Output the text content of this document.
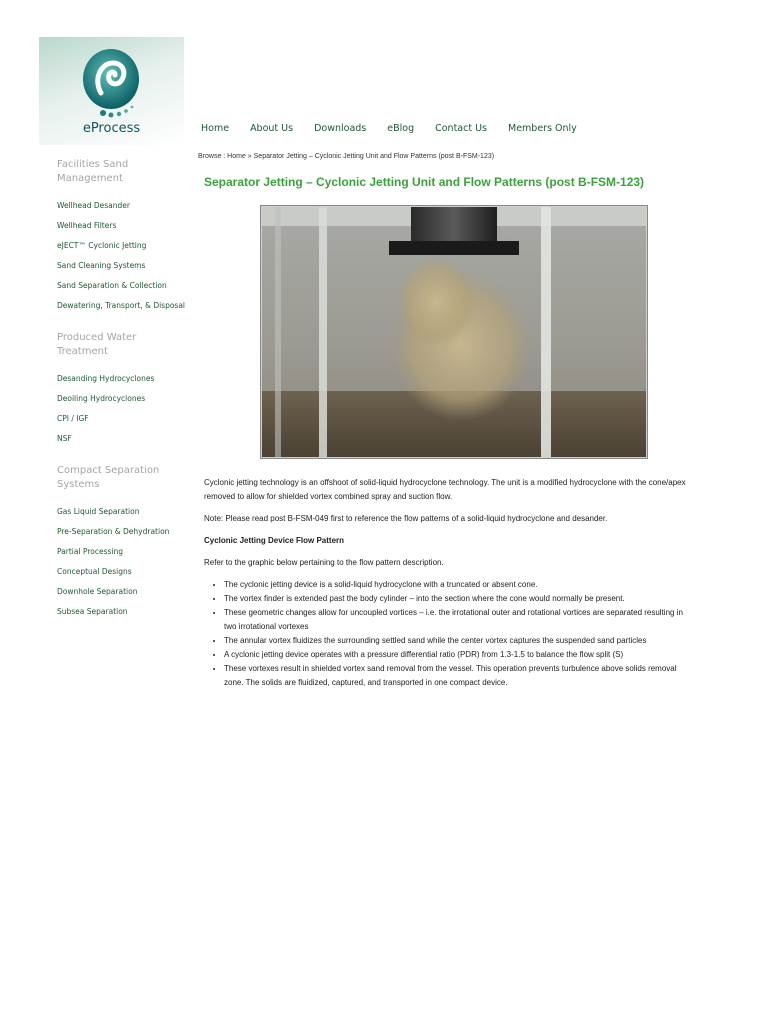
eProcess	Home About Us Downloads eBlog Contact Us Members Only
Facilities Sand Management
Wellhead Desander
Wellhead Filters
eJECT™ Cyclonic Jetting
Sand Cleaning Systems
Sand Separation & Collection
Dewatering, Transport, & Disposal
Produced Water Treatment
Desanding Hydrocyclones
Deoiling Hydrocyclones
CPI / IGF
NSF
Compact Separation Systems
Gas Liquid Separation
Pre-Separation & Dehydration
Partial Processing
Conceptual Designs
Downhole Separation
Subsea Separation
Browse : Home » Separator Jetting – Cyclonic Jetting Unit and Flow Patterns (post B-FSM-123)
Separator Jetting – Cyclonic Jetting Unit and Flow Patterns (post B-FSM-123)

Cyclonic jetting technology is an offshoot of solid-liquid hydrocyclone technology. The unit is a modified hydrocyclone with the cone/apex removed to allow for shielded vortex combined spray and suction flow.

Note: Please read post B-FSM-049 first to reference the flow patterns of a solid-liquid hydrocyclone and desander.

Cyclonic Jetting Device Flow Pattern

Refer to the graphic below pertaining to the flow pattern description.

• The cyclonic jetting device is a solid-liquid hydrocyclone with a truncated or absent cone.
• The vortex finder is extended past the body cylinder – into the section where the cone would normally be present.
• These geometric changes allow for uncoupled vortices – i.e. the irrotational outer and rotational vortices are separated resulting in two irrotational vortexes
• The annular vortex fluidizes the surrounding settled sand while the center vortex captures the suspended sand particles
• A cyclonic jetting device operates with a pressure differential ratio (PDR) from 1.3-1.5 to balance the flow split (S)
• These vortexes result in shielded vortex sand removal from the vessel. This operation prevents turbulence above solids removal zone. The solids are fluidized, captured, and transported in one compact device.
